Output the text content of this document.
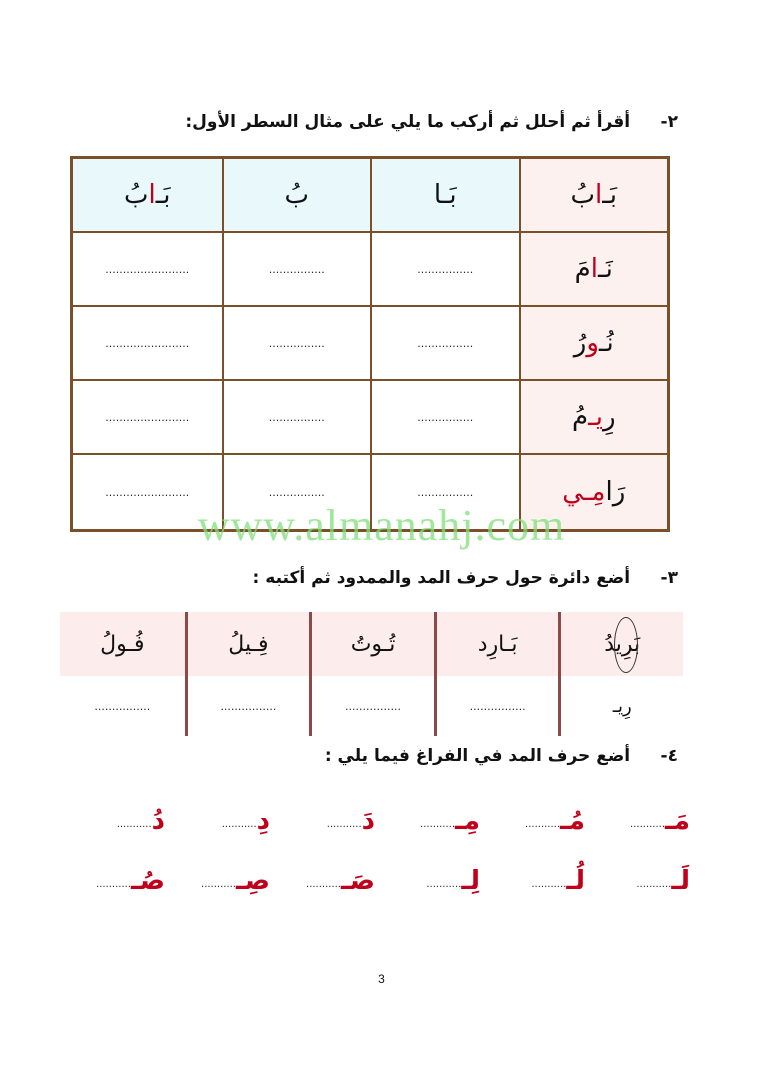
٢- أقرأ ثم أحلل ثم أركب ما يلي على مثال السطر الأول:
بَـ
ا
بُ
بَـا
بُ
بَـ
ا
بُ
نَـ
ا
مَ
................
................
........................
نُـ
و
رُ
................
................
........................
رِ
يـ
مُ
................
................
........................
رَا
مِـي
................
................
........................
www.almanahj.com
٣- أضع دائرة حول حرف المد والممدود ثم أكتبه :
بَرِيدُ
بَـارِد
تُـوتُ
فِـيلُ
فُـولُ
رِيـ
................
................
................
................
٤- أضع حرف المد في الفراغ فيما يلي :
مَـ
...........
مُـ
...........
مِـ
...........
دَ
...........
دِ
...........
دُ
...........
لَـ
...........
لُـ
...........
لِـ
...........
صَـ
...........
صِـ
...........
صُـ
...........
3
